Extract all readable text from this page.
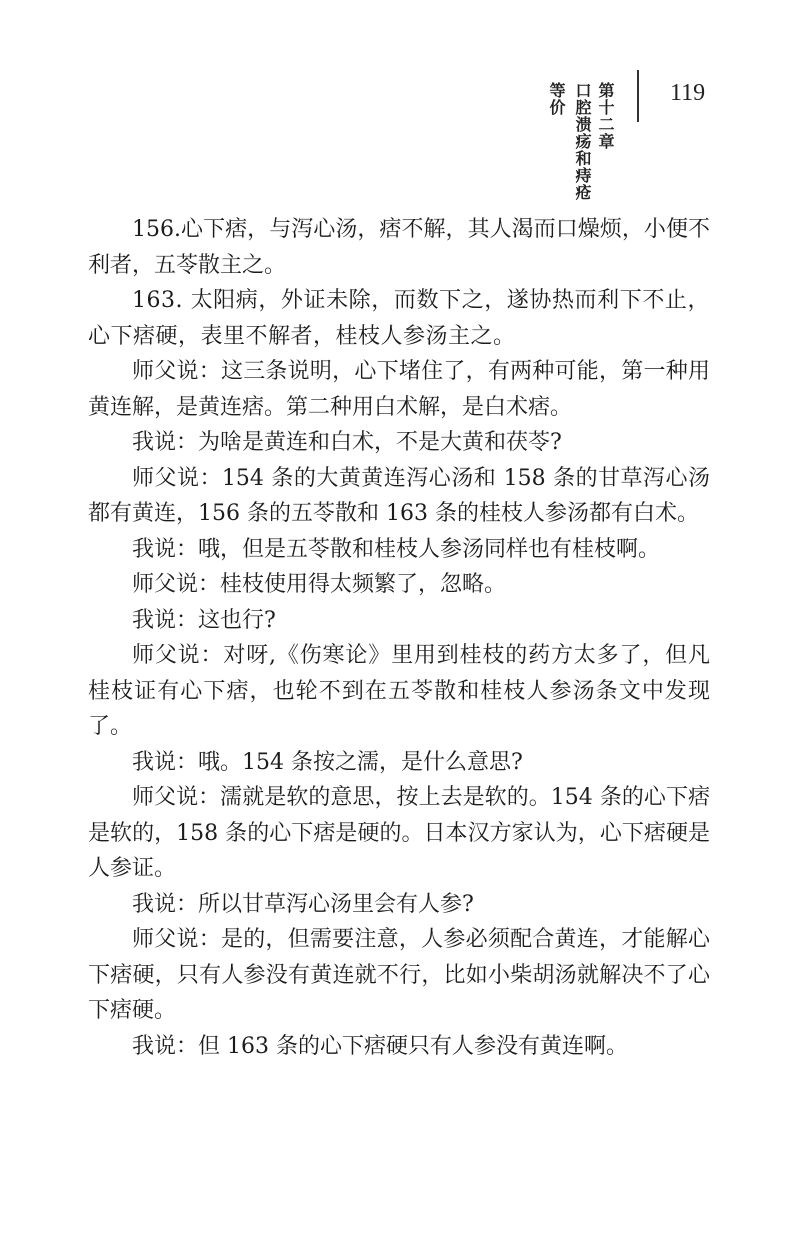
第十二章
口腔溃疡和痔疮
等价	119

156.心下痞，与泻心汤，痞不解，其人渴而口燥烦，小便不利者，五苓散主之。

163. 太阳病，外证未除，而数下之，遂协热而利下不止，心下痞硬，表里不解者，桂枝人参汤主之。

师父说：这三条说明，心下堵住了，有两种可能，第一种用黄连解，是黄连痞。第二种用白术解，是白术痞。

我说：为啥是黄连和白术，不是大黄和茯苓?

师父说：154 条的大黄黄连泻心汤和 158 条的甘草泻心汤都有黄连，156 条的五苓散和 163 条的桂枝人参汤都有白术。

我说：哦，但是五苓散和桂枝人参汤同样也有桂枝啊。

师父说：桂枝使用得太频繁了，忽略。

我说：这也行?

师父说：对呀,《伤寒论》里用到桂枝的药方太多了，但凡桂枝证有心下痞，也轮不到在五苓散和桂枝人参汤条文中发现了。

我说：哦。154 条按之濡，是什么意思?

师父说：濡就是软的意思，按上去是软的。154 条的心下痞是软的，158 条的心下痞是硬的。日本汉方家认为，心下痞硬是人参证。

我说：所以甘草泻心汤里会有人参?

师父说：是的，但需要注意，人参必须配合黄连，才能解心下痞硬，只有人参没有黄连就不行，比如小柴胡汤就解决不了心下痞硬。

我说：但 163 条的心下痞硬只有人参没有黄连啊。
